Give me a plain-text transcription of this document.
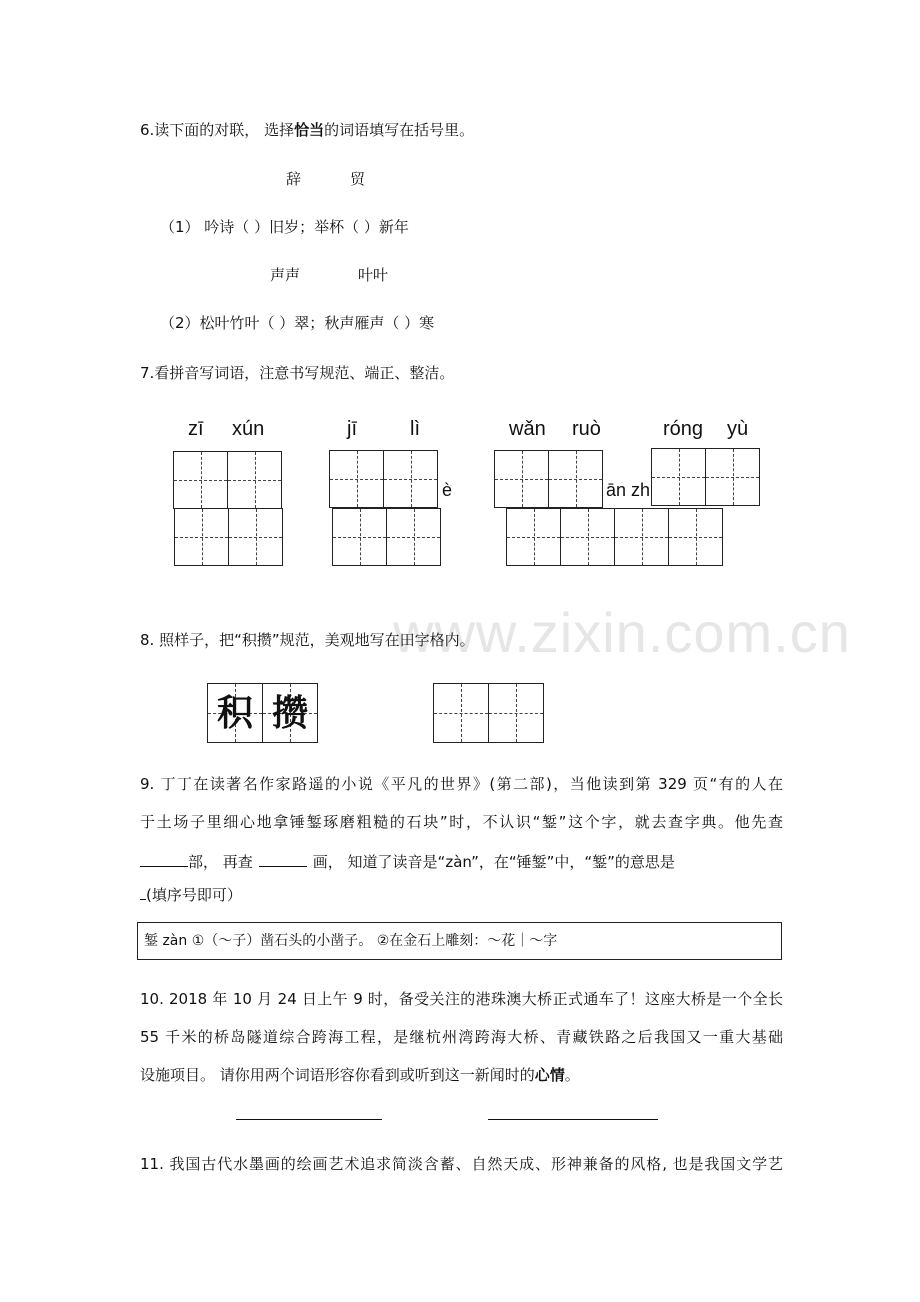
www.zixin.com.cn
6.读下面的对联， 选择恰当的词语填写在括号里。
辞	贸
（1） 吟诗（ ）旧岁；举杯（ ）新年
声声	叶叶
（2）松叶竹叶（ ）翠；秋声雁声（ ）寒
7.看拼音写词语，注意书写规范、端正、整洁。
zī xún	jī	lì	wǎn ruò	róng yù
è	ān zh
8. 照样子，把“积攒”规范，美观地写在田字格内。
积 攒
9. 丁丁在读著名作家路遥的小说《平凡的世界》(第二部)，当他读到第 329 页“有的人在
于土场子里细心地拿锤錾琢磨粗糙的石块”时，不认识“錾”这个字，就去查字典。他先查
部， 再查	画， 知道了读音是“zàn”，在“锤錾”中，“錾”的意思是
(填序号即可）
錾 zàn ①（～子）凿石头的小凿子。 ②在金石上雕刻：～花｜～字
10. 2018 年 10 月 24 日上午 9 时，备受关注的港珠澳大桥正式通车了！这座大桥是一个全长
55 千米的桥岛隧道综合跨海工程，是继杭州湾跨海大桥、青藏铁路之后我国又一重大基础
设施项目。 请你用两个词语形容你看到或听到这一新闻时的心情。
11. 我国古代水墨画的绘画艺术追求简淡含蓄、自然天成、形神兼备的风格, 也是我国文学艺
